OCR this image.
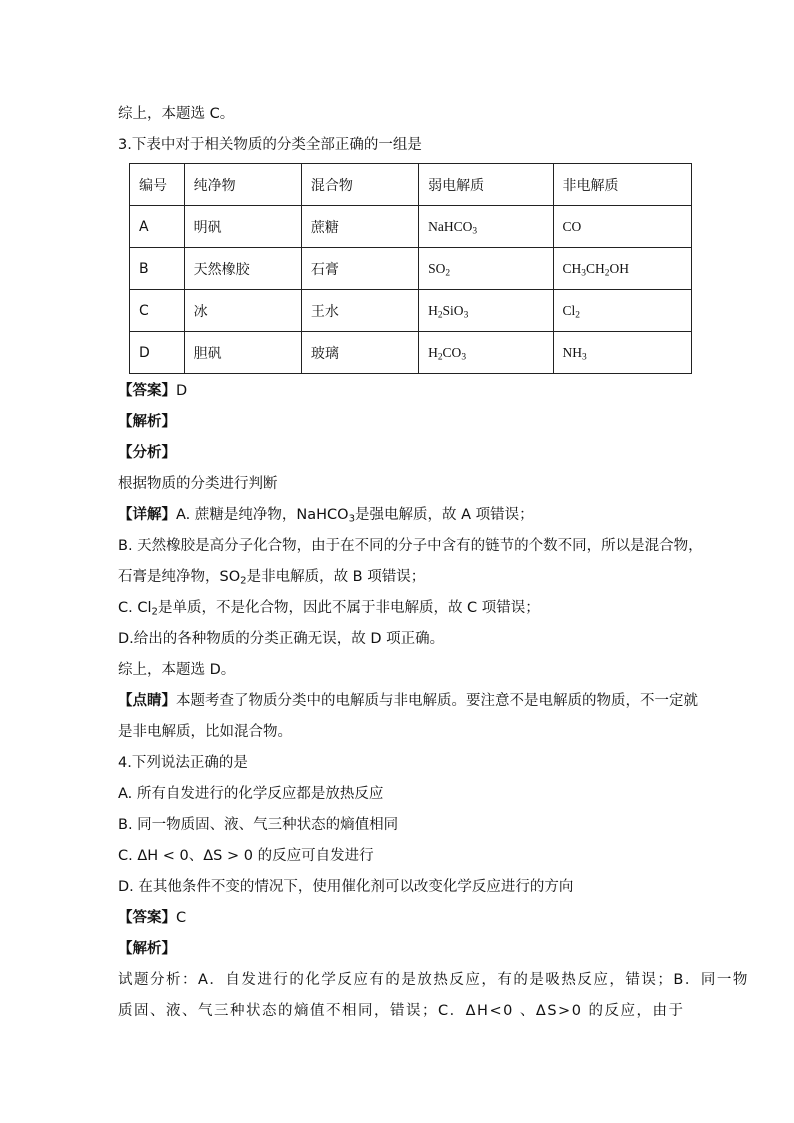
综上，本题选 C。
3.下表中对于相关物质的分类全部正确的一组是
编号	纯净物	混合物	弱电解质	非电解质
A	明矾	蔗糖	NaHCO$_3$	CO
B	天然橡胶	石膏	$SO_2$	$CH_3CH_2OH$
C	冰	王水	$H_2SiO_3$	$Cl_2$
D	胆矾	玻璃	$H_2CO_3$	$NH_3$
【答案】D
【解析】
【分析】
根据物质的分类进行判断
【详解】A. 蔗糖是纯净物，NaHCO$_3$是强电解质，故 A 项错误；
B. 天然橡胶是高分子化合物，由于在不同的分子中含有的链节的个数不同，所以是混合物，
石膏是纯净物，$SO_2$是非电解质，故 B 项错误；
C. $Cl_2$是单质，不是化合物，因此不属于非电解质，故 C 项错误；
D.给出的各种物质的分类正确无误，故 D 项正确。
综上，本题选 D。
【点睛】本题考查了物质分类中的电解质与非电解质。要注意不是电解质的物质，不一定就
是非电解质，比如混合物。
4.下列说法正确的是
A. 所有自发进行的化学反应都是放热反应
B. 同一物质固、液、气三种状态的熵值相同
C. ΔH < 0、ΔS > 0 的反应可自发进行
D. 在其他条件不变的情况下，使用催化剂可以改变化学反应进行的方向
【答案】C
【解析】
试题分析：A．自发进行的化学反应有的是放热反应，有的是吸热反应，错误；B．同一物
质固、液、气三种状态的熵值不相同，错误；C．ΔH<0 、ΔS>0 的反应，由于
